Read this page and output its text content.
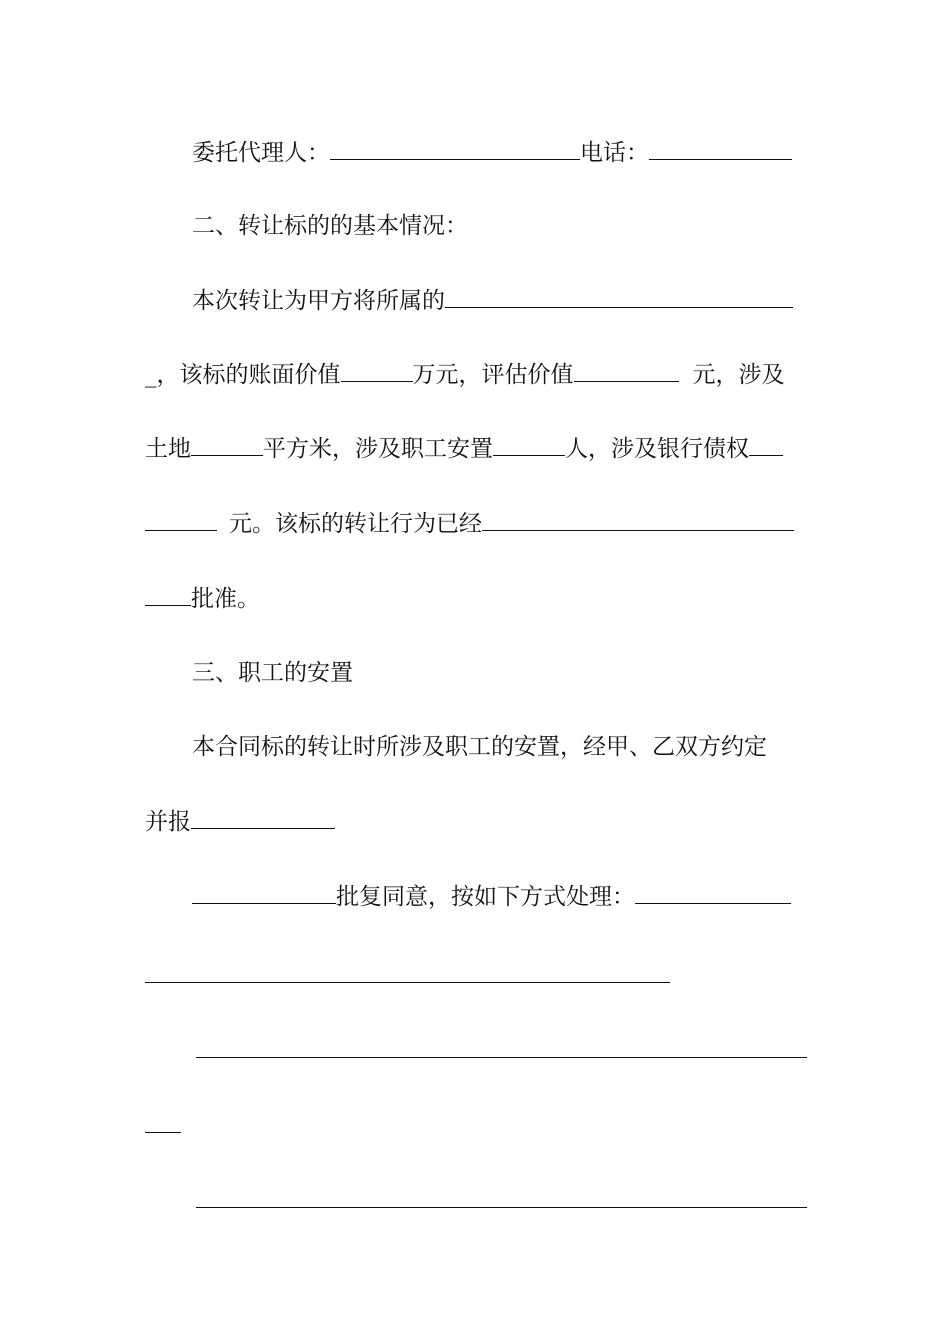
委托代理人：	电话：
二、转让标的的基本情况：
本次转让为甲方将所属的
_，该标的账面价值	万元，评估价值	元，涉及
土地	平方米，涉及职工安置	人，涉及银行债权
元。该标的转让行为已经
批准。
三、职工的安置
本合同标的转让时所涉及职工的安置，经甲、乙双方约定
并报
批复同意，按如下方式处理：
